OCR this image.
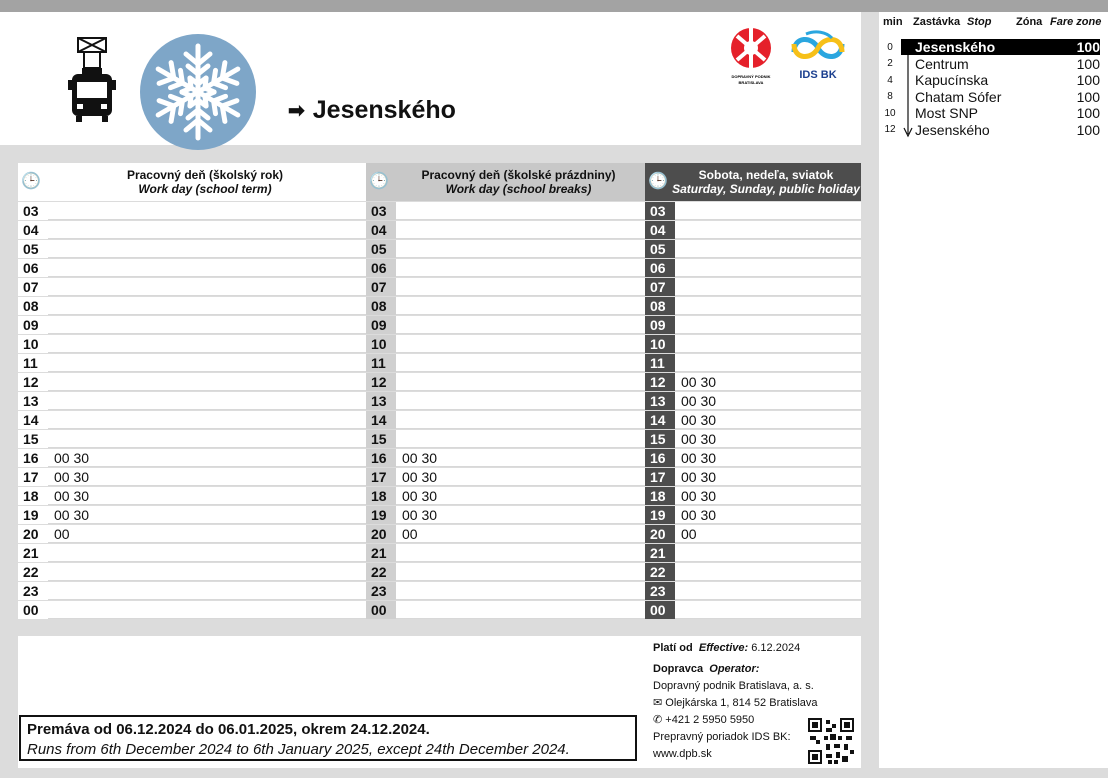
➡ Jesenského
DOPRAVNÝ PODNIK
BRATISLAVA
IDS BK
🕒	Pracovný deň (školský rok)
Work day (school term)
03
04
05
06
07
08
09
10
11
12
13
14
15
16	00 30
17	00 30
18	00 30
19	00 30
20	00
21
22
23
00
🕒	Pracovný deň (školské prázdniny)
Work day (school breaks)
03
04
05
06
07
08
09
10
11
12
13
14
15
16	00 30
17	00 30
18	00 30
19	00 30
20	00
21
22
23
00
🕒	Sobota, nedeľa, sviatok
Saturday, Sunday, public holiday
03
04
05
06
07
08
09
10
11
12	00 30
13	00 30
14	00 30
15	00 30
16	00 30
17	00 30
18	00 30
19	00 30
20	00
21
22
23
00
min Zastávka Stop Zóna Fare zone
0	Jesenského	100
2	Centrum	100
4	Kapucínska	100
8	Chatam Sófer	100
10	Most SNP	100
12	Jesenského	100
Premáva od 06.12.2024 do 06.01.2025, okrem 24.12.2024.
Runs from 6th December 2024 to 6th January 2025, except 24th December 2024.
Platí od Effective: 6.12.2024
Dopravca Operator:
Dopravný podnik Bratislava, a. s.
✉ Olejkárska 1, 814 52 Bratislava
✆ +421 2 5950 5950
Prepravný poriadok IDS BK:
www.dpb.sk
